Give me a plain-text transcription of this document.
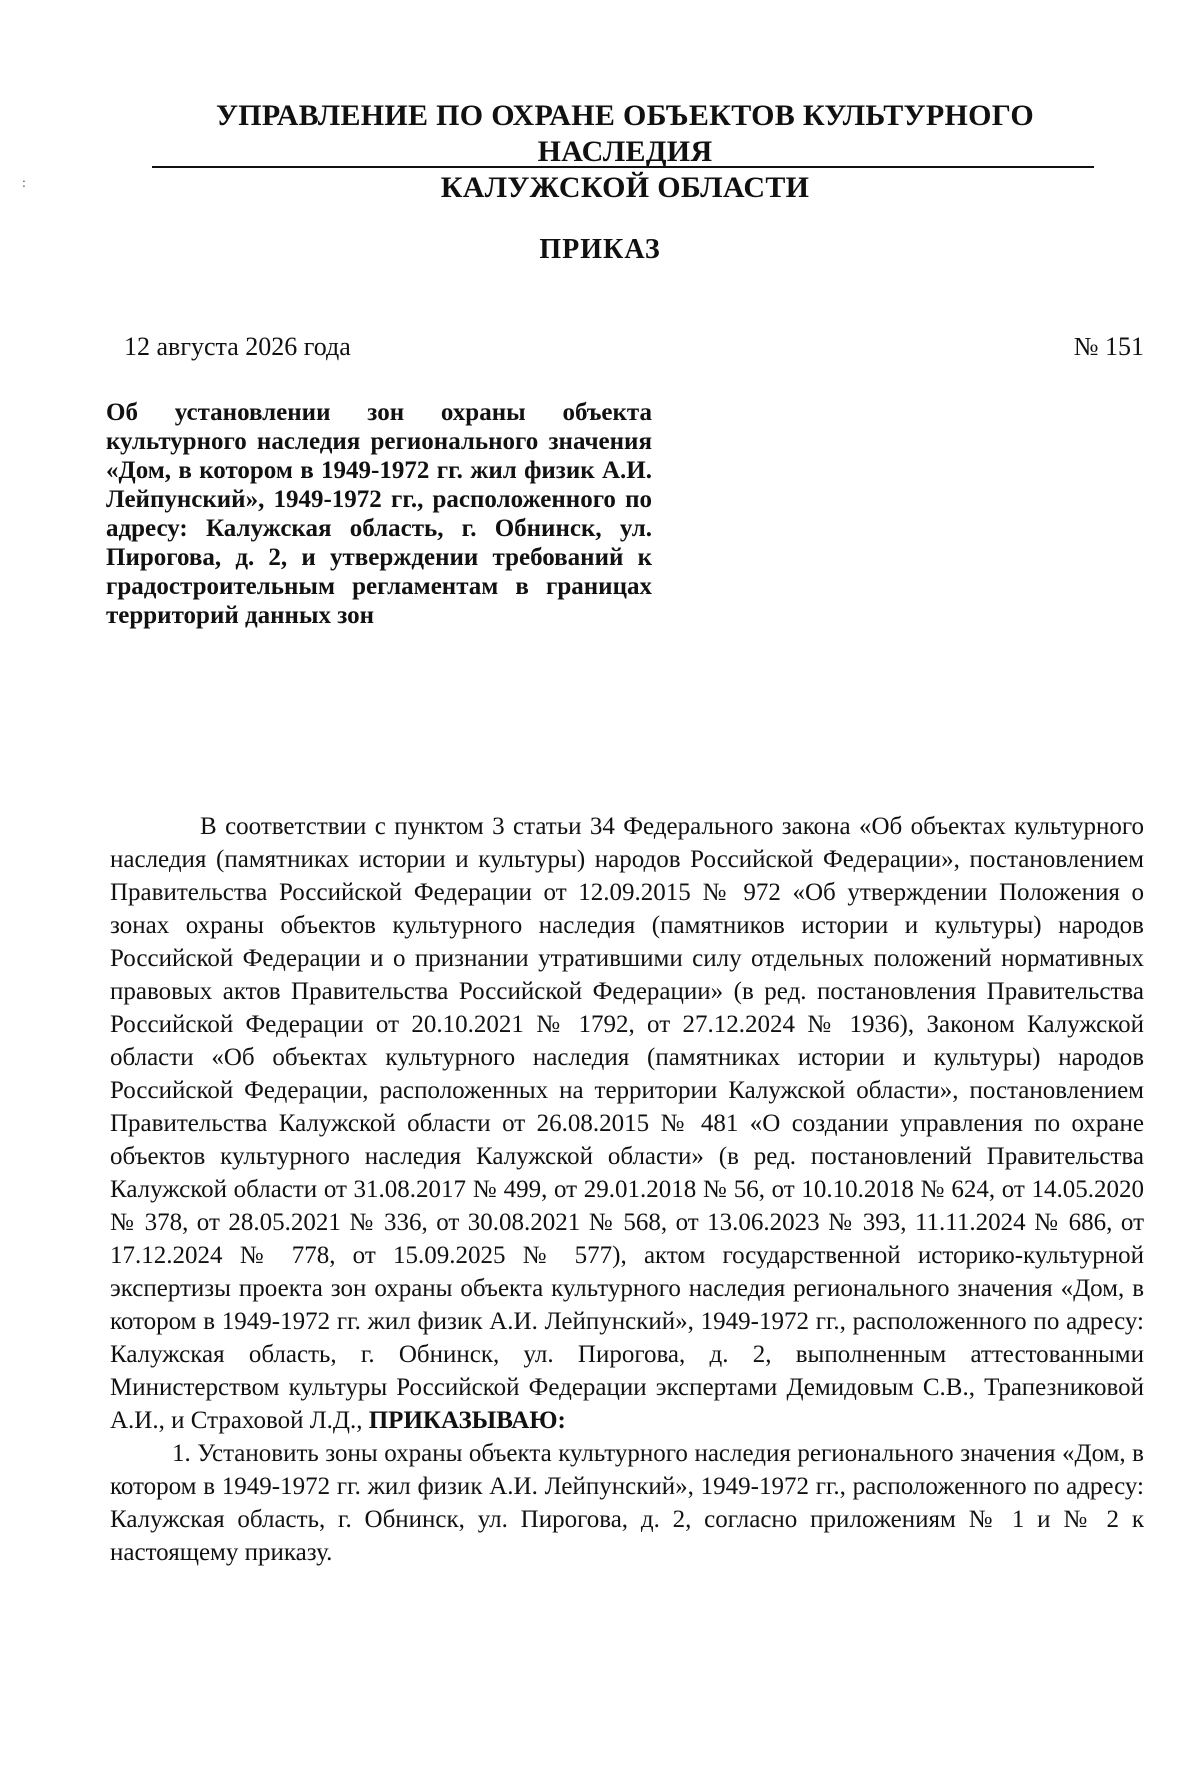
УПРАВЛЕНИЕ ПО ОХРАНЕ ОБЪЕКТОВ КУЛЬТУРНОГО НАСЛЕДИЯ
КАЛУЖСКОЙ ОБЛАСТИ
:
ПРИКАЗ
12 августа 2026 года	№ 151
Об установлении зон охраны объекта культурного наследия регионального значения «Дом, в котором в 1949-1972 гг. жил физик А.И. Лейпунский», 1949-1972 гг., расположенного по адресу: Калужская область, г. Обнинск, ул. Пирогова, д. 2, и утверждении требований к градостроительным регламентам в границах территорий данных зон

В соответствии с пунктом 3 статьи 34 Федерального закона «Об объектах культурного наследия (памятниках истории и культуры) народов Российской Федерации», постановлением Правительства Российской Федерации от 12.09.2015 № 972 «Об утверждении Положения о зонах охраны объектов культурного наследия (памятников истории и культуры) народов Российской Федерации и о признании утратившими силу отдельных положений нормативных правовых актов Правительства Российской Федерации» (в ред. постановления Правительства Российской Федерации от 20.10.2021 № 1792, от 27.12.2024 № 1936), Законом Калужской области «Об объектах культурного наследия (памятниках истории и культуры) народов Российской Федерации, расположенных на территории Калужской области», постановлением Правительства Калужской области от 26.08.2015 № 481 «О создании управления по охране объектов культурного наследия Калужской области» (в ред. постановлений Правительства Калужской области от 31.08.2017 № 499, от 29.01.2018 № 56, от 10.10.2018 № 624, от 14.05.2020 № 378, от 28.05.2021 № 336, от 30.08.2021 № 568, от 13.06.2023 № 393, 11.11.2024 № 686, от 17.12.2024 № 778, от 15.09.2025 № 577), актом государственной историко-культурной экспертизы проекта зон охраны объекта культурного наследия регионального значения «Дом, в котором в 1949-1972 гг. жил физик А.И. Лейпунский», 1949-1972 гг., расположенного по адресу: Калужская область, г. Обнинск, ул. Пирогова, д. 2, выполненным аттестованными Министерством культуры Российской Федерации экспертами Демидовым С.В., Трапезниковой А.И., и Страховой Л.Д., ПРИКАЗЫВАЮ:

1. Установить зоны охраны объекта культурного наследия регионального значения «Дом, в котором в 1949-1972 гг. жил физик А.И. Лейпунский», 1949-1972 гг., расположенного по адресу: Калужская область, г. Обнинск, ул. Пирогова, д. 2, согласно приложениям № 1 и № 2 к настоящему приказу.
